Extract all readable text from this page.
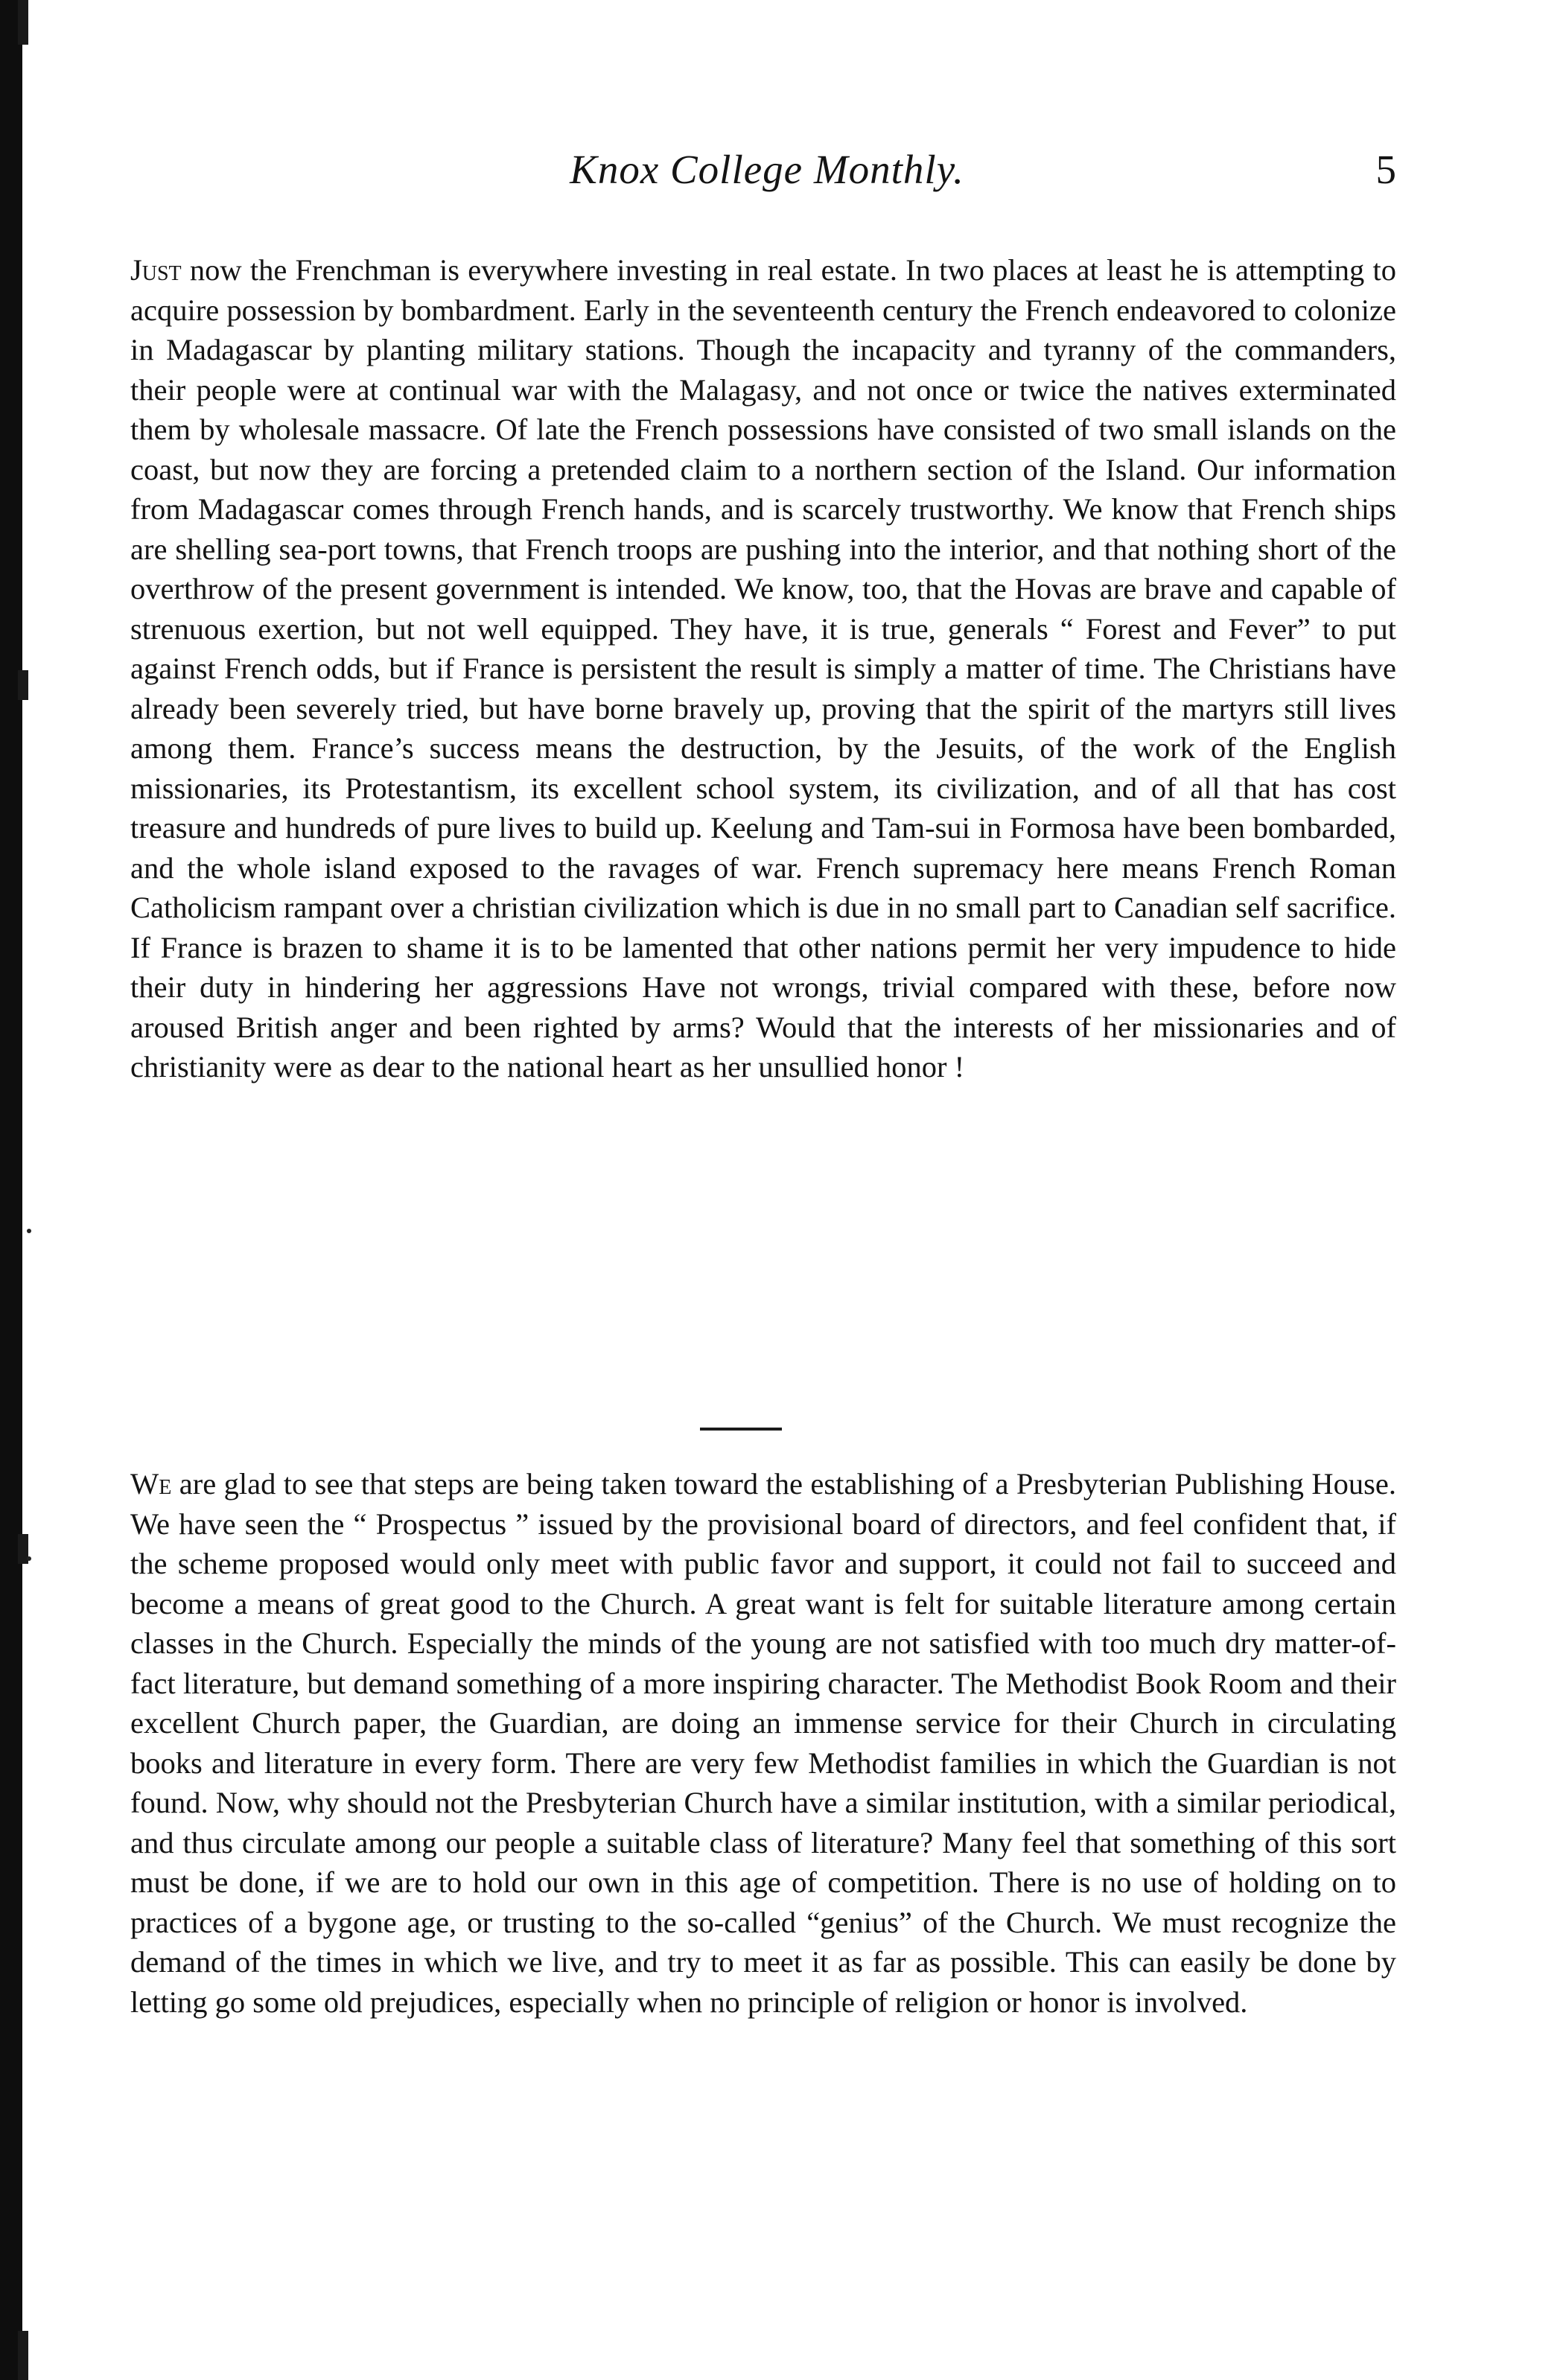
Knox College Monthly.	5

Just now the Frenchman is everywhere investing in real estate. In two places at least he is attempting to acquire possession by bombardment. Early in the seventeenth century the French endeavored to colonize in Madagascar by planting military stations. Though the incapacity and tyranny of the commanders, their people were at continual war with the Malagasy, and not once or twice the natives exterminated them by wholesale massacre. Of late the French possessions have consisted of two small islands on the coast, but now they are forcing a pretended claim to a northern section of the Island. Our information from Madagascar comes through French hands, and is scarcely trustworthy. We know that French ships are shelling sea-port towns, that French troops are pushing into the interior, and that nothing short of the overthrow of the present government is intended. We know, too, that the Hovas are brave and capable of strenuous exertion, but not well equipped. They have, it is true, generals “ Forest and Fever” to put against French odds, but if France is persistent the result is simply a matter of time. The Christians have already been severely tried, but have borne bravely up, proving that the spirit of the martyrs still lives among them. France’s success means the destruction, by the Jesuits, of the work of the English missionaries, its Protestantism, its excellent school system, its civilization, and of all that has cost treasure and hundreds of pure lives to build up. Keelung and Tam-sui in Formosa have been bombarded, and the whole island exposed to the ravages of war. French supremacy here means French Roman Catholicism rampant over a christian civilization which is due in no small part to Canadian self sacrifice. If France is brazen to shame it is to be lamented that other nations permit her very impudence to hide their duty in hindering her aggressions Have not wrongs, trivial compared with these, before now aroused British anger and been righted by arms? Would that the interests of her missionaries and of christianity were as dear to the national heart as her unsullied honor !

We are glad to see that steps are being taken toward the establishing of a Presbyterian Publishing House. We have seen the “ Prospectus ” issued by the provisional board of directors, and feel confident that, if the scheme proposed would only meet with public favor and support, it could not fail to succeed and become a means of great good to the Church. A great want is felt for suitable literature among certain classes in the Church. Especially the minds of the young are not satisfied with too much dry matter-of-fact literature, but demand something of a more inspiring character. The Methodist Book Room and their excellent Church paper, the Guardian, are doing an immense service for their Church in circulating books and literature in every form. There are very few Methodist families in which the Guardian is not found. Now, why should not the Presbyterian Church have a similar institution, with a similar periodical, and thus circulate among our people a suitable class of literature? Many feel that something of this sort must be done, if we are to hold our own in this age of competition. There is no use of holding on to practices of a bygone age, or trusting to the so-called “genius” of the Church. We must recognize the demand of the times in which we live, and try to meet it as far as possible. This can easily be done by letting go some old prejudices, especially when no principle of religion or honor is involved.
